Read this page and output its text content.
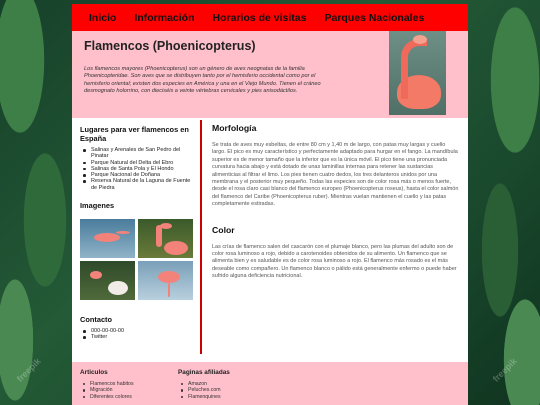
freepik	freepik
Inicio Información Horarios de visitas Parques Nacionales
Flamencos (Phoenicopterus)

Los flamencos mayores (Phoenicopterus) son un género de aves neognatas de la familia Phoenicopteridae. Son aves que se distribuyen tanto por el hemisferio occidental como por el hemisferio oriental; existen dos especies en América y una en el Viejo Mundo. Tienen el cráneo desmognato holorrino, con dieciséis a veinte vértebras cervicales y pies anisodáctilos.

Lugares para ver flamencos en España
Salinas y Arenales de San Pedro del Pinatar
Parque Natural del Delta del Ebro
Salinas de Santa Pola y El Hondo
Parque Nacional de Doñana
Reserva Natural de la Laguna de Fuente de Piedra
Imagenes
Contacto
000-00-00-00
Twitter
Morfología

Se trata de aves muy esbeltas, de entre 80 cm y 1,40 m de largo, con patas muy largas y cuello largo. El pico es muy característico y perfectamente adaptado para hurgar en el fango. La mandíbula superior es de menor tamaño que la inferior que es la única móvil. El pico tiene una pronunciada curvatura hacia abajo y está dotado de unas laminillas internas para retener las sustancias alimenticias al filtrar el limo. Los pies tienen cuatro dedos, los tres delanteros unidos por una membrana y el posterior muy pequeño. Todas las especies son de color rosa más o menos fuerte, desde el rosa claro casi blanco del flamenco europeo (Phoenicopterus roseus), hasta el color salmón del flamenco del Caribe (Phoenicopterus ruber). Mientras vuelan mantienen el cuello y las patas completamente estiradas.

Color

Las crías de flamenco salen del cascarón con el plumaje blanco, pero las plumas del adulto son de color rosa luminoso a rojo, debido a carotenoides obtenidos de su alimento. Un flamenco que se alimenta bien y es saludable es de color rosa luminoso a rojo. El flamenco más rosado es el más deseable como compañero. Un flamenco blanco o pálido está generalmente enfermo o puede haber sufrido alguna deficiencia nutricional.

Articulos
Flamencos habitos
Migración
Diferentes colores
Paginas afiliadas
Amazon
Peluches.com
Flamenquines
